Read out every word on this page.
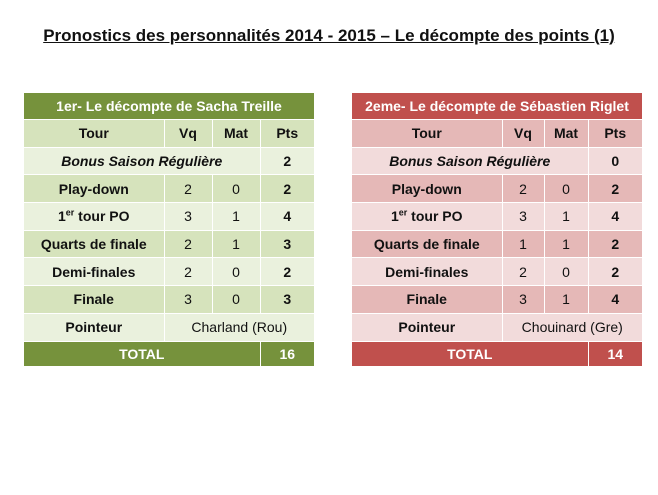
Pronostics des personnalités 2014 - 2015 – Le décompte des points (1)
1er- Le décompte de Sacha Treille			
Tour	Vq	Mat	Pts
Bonus Saison Régulière			2
Play-down	2	0	2
1er tour PO	3	1	4
Quarts de finale	2	1	3
Demi-finales	2	0	2
Finale	3	0	3
Pointeur	Charland (Rou)		
TOTAL			16
2eme- Le décompte de Sébastien Riglet			
Tour	Vq	Mat	Pts
Bonus Saison Régulière			0
Play-down	2	0	2
1er tour PO	3	1	4
Quarts de finale	1	1	2
Demi-finales	2	0	2
Finale	3	1	4
Pointeur	Chouinard (Gre)		
TOTAL			14
